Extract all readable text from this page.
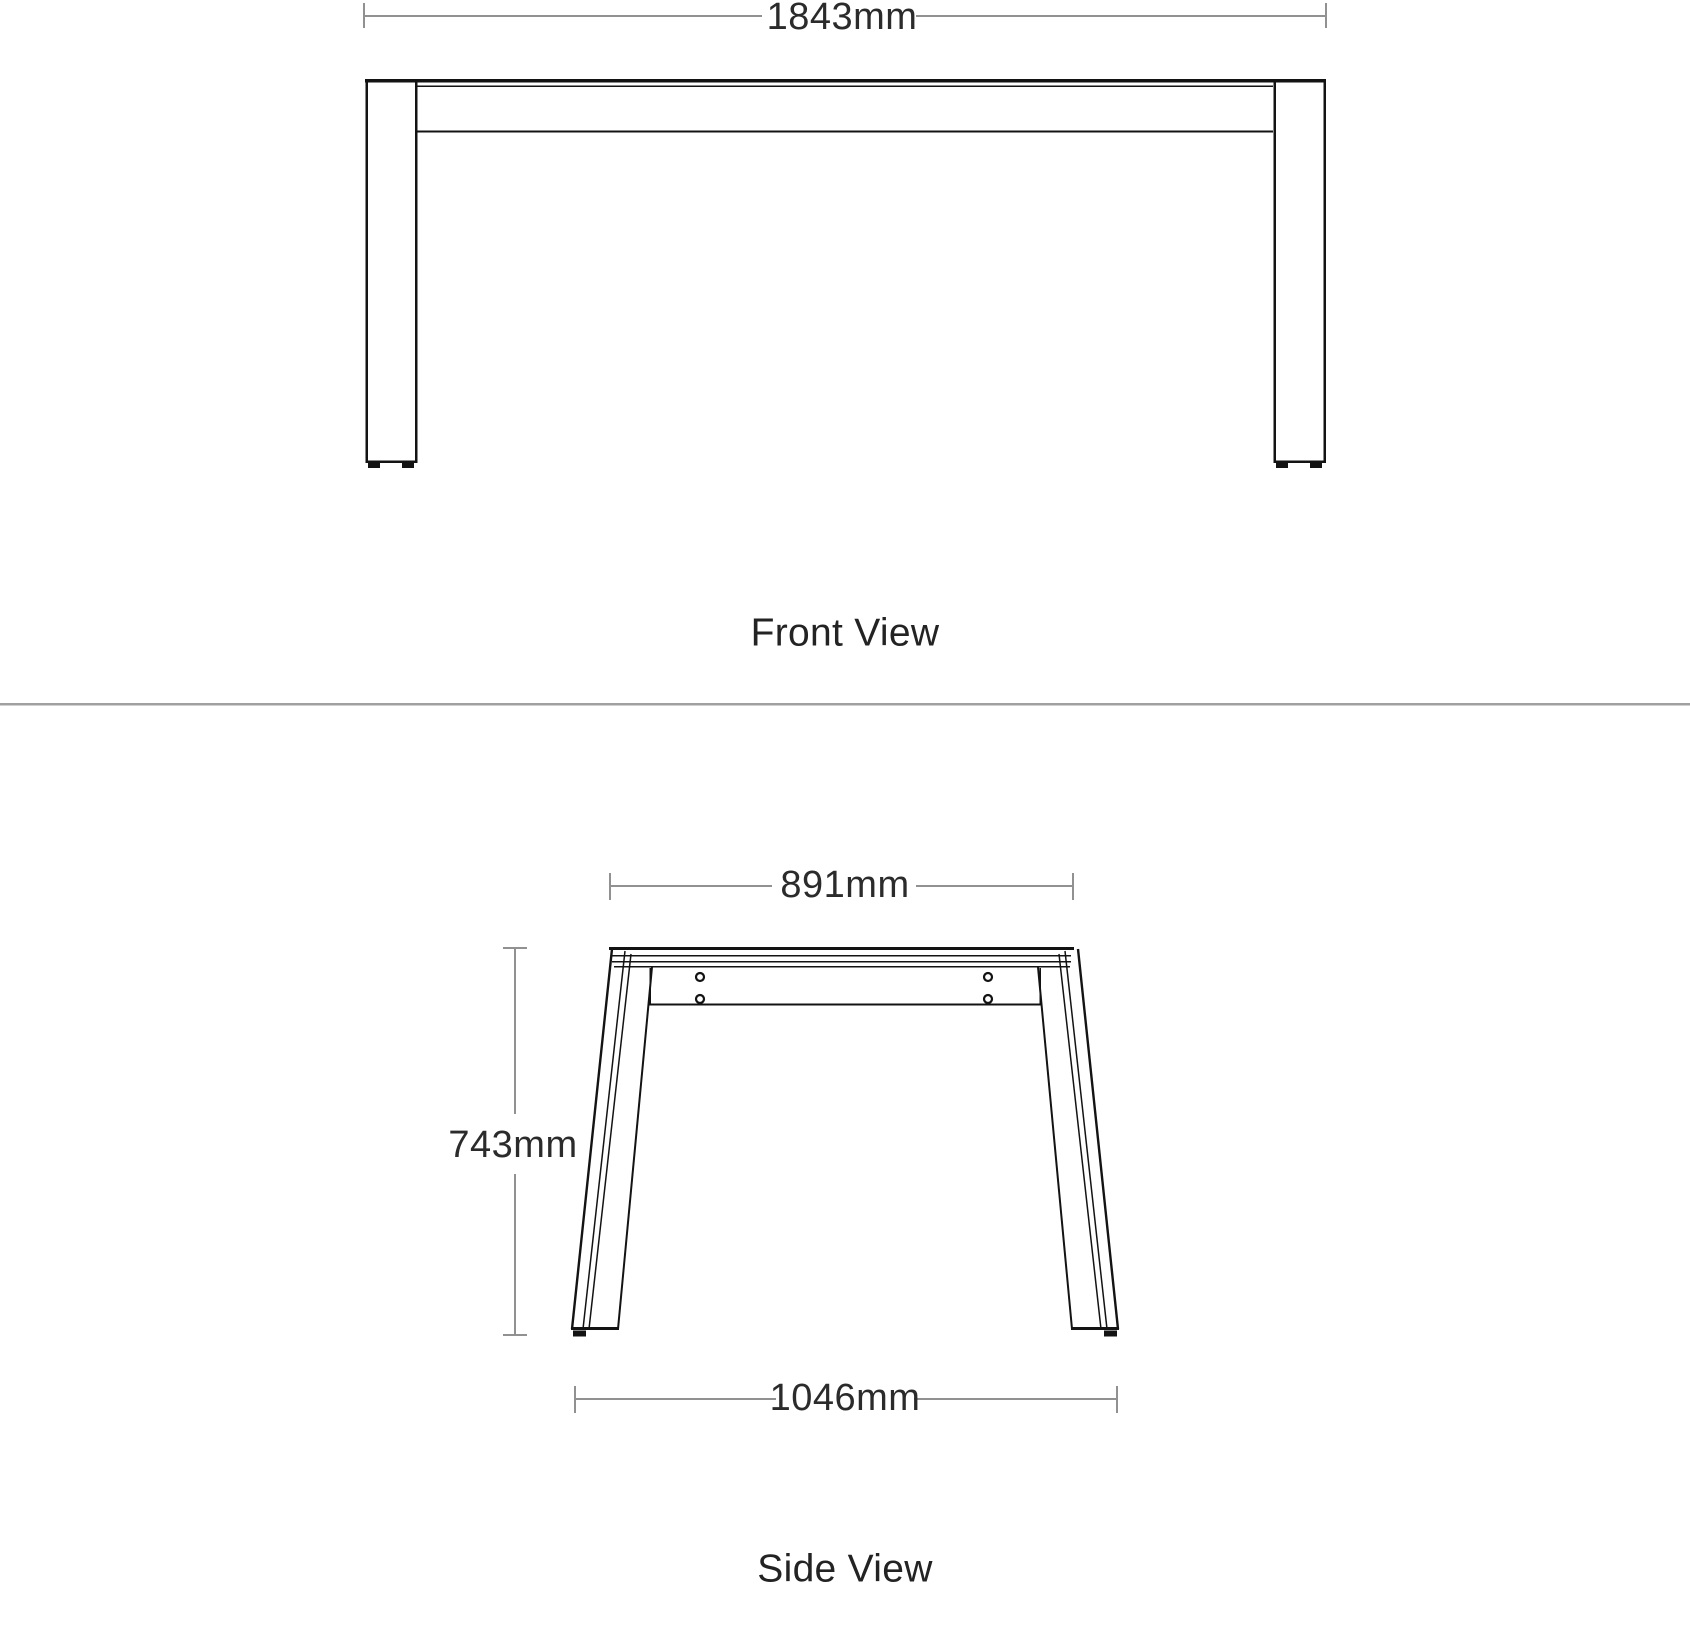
1843mm
Front View
891mm
743mm
1046mm
Side View
